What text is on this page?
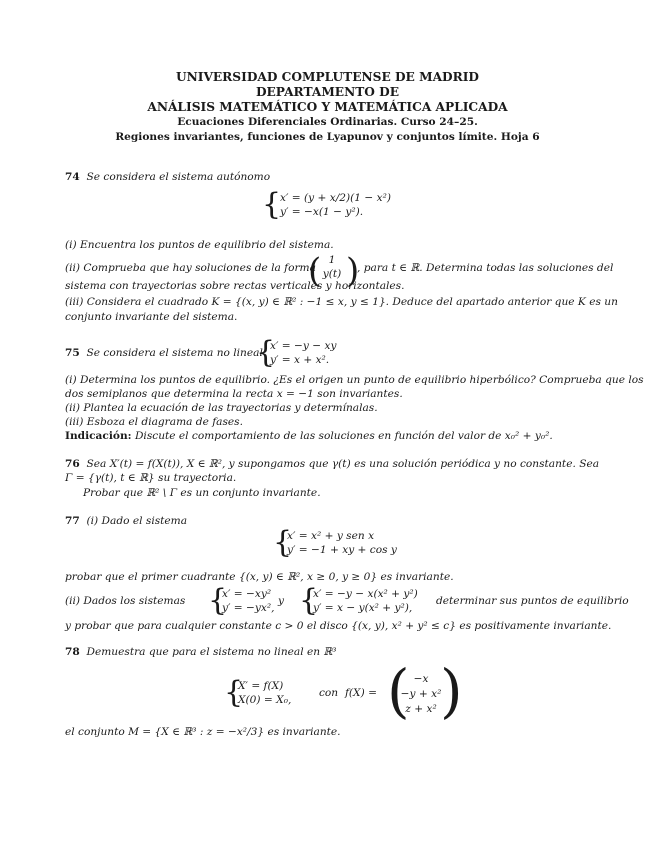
UNIVERSIDAD COMPLUTENSE DE MADRID
DEPARTAMENTO DE
ANÁLISIS MATEMÁTICO Y MATEMÁTICA APLICADA
Ecuaciones Diferenciales Ordinarias. Curso 24–25.
Regiones invariantes, funciones de Lyapunov y conjuntos límite. Hoja 6
74 Se considera el sistema autónomo
{
x′ = (y + x/2)(1 − x²)
y′ = −x(1 − y²).
(i) Encuentra los puntos de equilibrio del sistema.
(ii) Comprueba que hay soluciones de la forma
( 1
y(t) )
, para t ∈ ℝ. Determina todas las soluciones del
sistema con trayectorias sobre rectas verticales y horizontales.
(iii) Considera el cuadrado K = {(x, y) ∈ ℝ² : −1 ≤ x, y ≤ 1}. Deduce del apartado anterior que K es un
conjunto invariante del sistema.
75 Se considera el sistema no lineal
{
x′ = −y − xy
y′ = x + x².
(i) Determina los puntos de equilibrio. ¿Es el origen un punto de equilibrio hiperbólico? Comprueba que los
dos semiplanos que determina la recta x = −1 son invariantes.
(ii) Plantea la ecuación de las trayectorias y determínalas.
(iii) Esboza el diagrama de fases.
Indicación: Discute el comportamiento de las soluciones en función del valor de x₀² + y₀².
76 Sea X′(t) = f(X(t)), X ∈ ℝ², y supongamos que γ(t) es una solución periódica y no constante. Sea
Γ = {γ(t), t ∈ ℝ} su trayectoria.
Probar que ℝ² \ Γ es un conjunto invariante.
77 (i) Dado el sistema
{
x′ = x² + y sen x
y′ = −1 + xy + cos y
probar que el primer cuadrante {(x, y) ∈ ℝ², x ≥ 0, y ≥ 0} es invariante.
(ii) Dados los sistemas {
x′ = −xy²
y′ = −yx²,
y {
x′ = −y − x(x² + y²)
y′ = x − y(x² + y²),
determinar sus puntos de equilibrio
y probar que para cualquier constante c > 0 el disco {(x, y), x² + y² ≤ c} es positivamente invariante.
78 Demuestra que para el sistema no lineal en ℝ³
{
X′ = f(X)
X(0) = X₀,
con f(X) = ( −x
−y + x²
z + x² )
el conjunto M = {X ∈ ℝ³ : z = −x²/3} es invariante.
